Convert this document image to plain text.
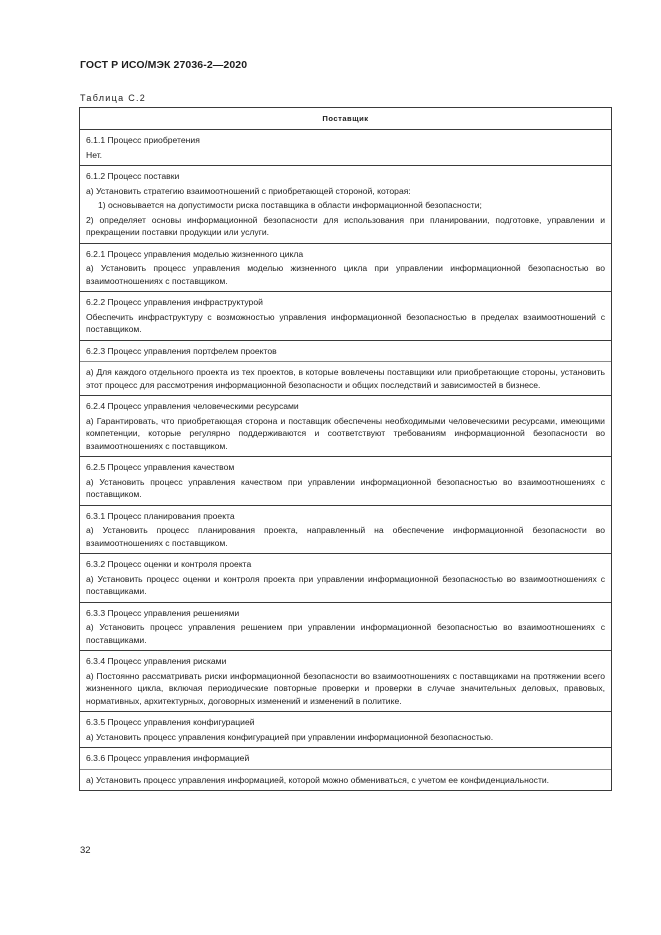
ГОСТ Р ИСО/МЭК 27036-2—2020
Таблица С.2
Поставщик
6.1.1 Процесс приобретения
Нет.
6.1.2 Процесс поставки
а) Установить стратегию взаимоотношений с приобретающей стороной, которая:
1) основывается на допустимости риска поставщика в области информационной безопасности;
2) определяет основы информационной безопасности для использования при планировании, подготовке, управлении и прекращении поставки продукции или услуги.
6.2.1 Процесс управления моделью жизненного цикла
а) Установить процесс управления моделью жизненного цикла при управлении информационной безопасностью во взаимоотношениях с поставщиком.
6.2.2 Процесс управления инфраструктурой
Обеспечить инфраструктуру с возможностью управления информационной безопасностью в пределах взаимоотношений с поставщиком.
6.2.3 Процесс управления портфелем проектов
а) Для каждого отдельного проекта из тех проектов, в которые вовлечены поставщики или приобретающие стороны, установить этот процесс для рассмотрения информационной безопасности и общих последствий и зависимостей в бизнесе.
6.2.4 Процесс управления человеческими ресурсами
а) Гарантировать, что приобретающая сторона и поставщик обеспечены необходимыми человеческими ресурсами, имеющими компетенции, которые регулярно поддерживаются и соответствуют требованиям информационной безопасности во взаимоотношениях с поставщиком.
6.2.5 Процесс управления качеством
а) Установить процесс управления качеством при управлении информационной безопасностью во взаимоотношениях с поставщиком.
6.3.1 Процесс планирования проекта
а) Установить процесс планирования проекта, направленный на обеспечение информационной безопасности во взаимоотношениях с поставщиком.
6.3.2 Процесс оценки и контроля проекта
а) Установить процесс оценки и контроля проекта при управлении информационной безопасностью во взаимоотношениях с поставщиками.
6.3.3 Процесс управления решениями
а) Установить процесс управления решением при управлении информационной безопасностью во взаимоотношениях с поставщиками.
6.3.4 Процесс управления рисками
а) Постоянно рассматривать риски информационной безопасности во взаимоотношениях с поставщиками на протяжении всего жизненного цикла, включая периодические повторные проверки и проверки в случае значительных деловых, правовых, нормативных, архитектурных, договорных изменений и изменений в политике.
6.3.5 Процесс управления конфигурацией
а) Установить процесс управления конфигурацией при управлении информационной безопасностью.
6.3.6 Процесс управления информацией
а) Установить процесс управления информацией, которой можно обмениваться, с учетом ее конфиденциальности.
32
